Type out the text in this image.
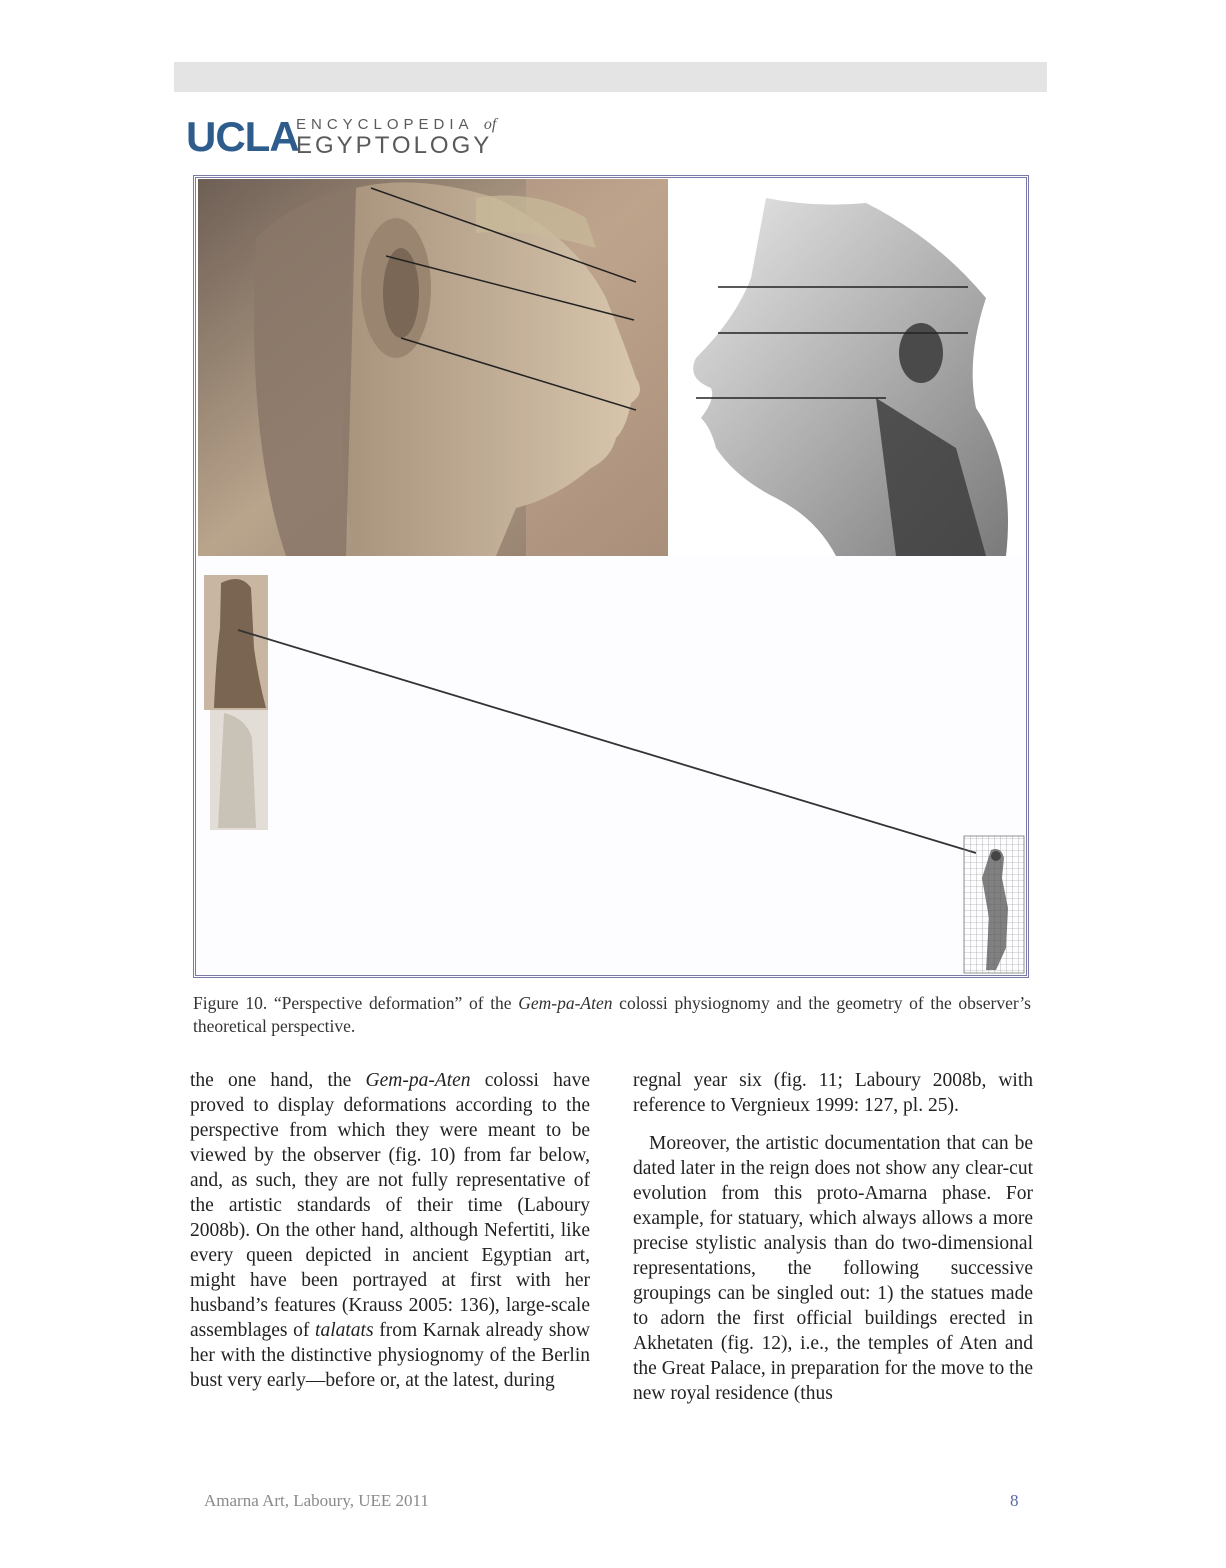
UCLA
ENCYCLOPEDIA of
EGYPTOLOGY
Figure 10. “Perspective deformation” of the Gem-pa-Aten colossi physiognomy and the geometry of the observer’s theoretical perspective.

the one hand, the Gem-pa-Aten colossi have proved to display deformations according to the perspective from which they were meant to be viewed by the observer (fig. 10) from far below, and, as such, they are not fully representative of the artistic standards of their time (Laboury 2008b). On the other hand, although Nefertiti, like every queen depicted in ancient Egyptian art, might have been portrayed at first with her husband’s features (Krauss 2005: 136), large-scale assemblages of talatats from Karnak already show her with the distinctive physiognomy of the Berlin bust very early—before or, at the latest, during

regnal year six (fig. 11; Laboury 2008b, with reference to Vergnieux 1999: 127, pl. 25).

Moreover, the artistic documentation that can be dated later in the reign does not show any clear-cut evolution from this proto-Amarna phase. For example, for statuary, which always allows a more precise stylistic analysis than do two-dimensional representations, the following successive groupings can be singled out: 1) the statues made to adorn the first official buildings erected in Akhetaten (fig. 12), i.e., the temples of Aten and the Great Palace, in preparation for the move to the new royal residence (thus

Amarna Art, Laboury, UEE 2011	8
